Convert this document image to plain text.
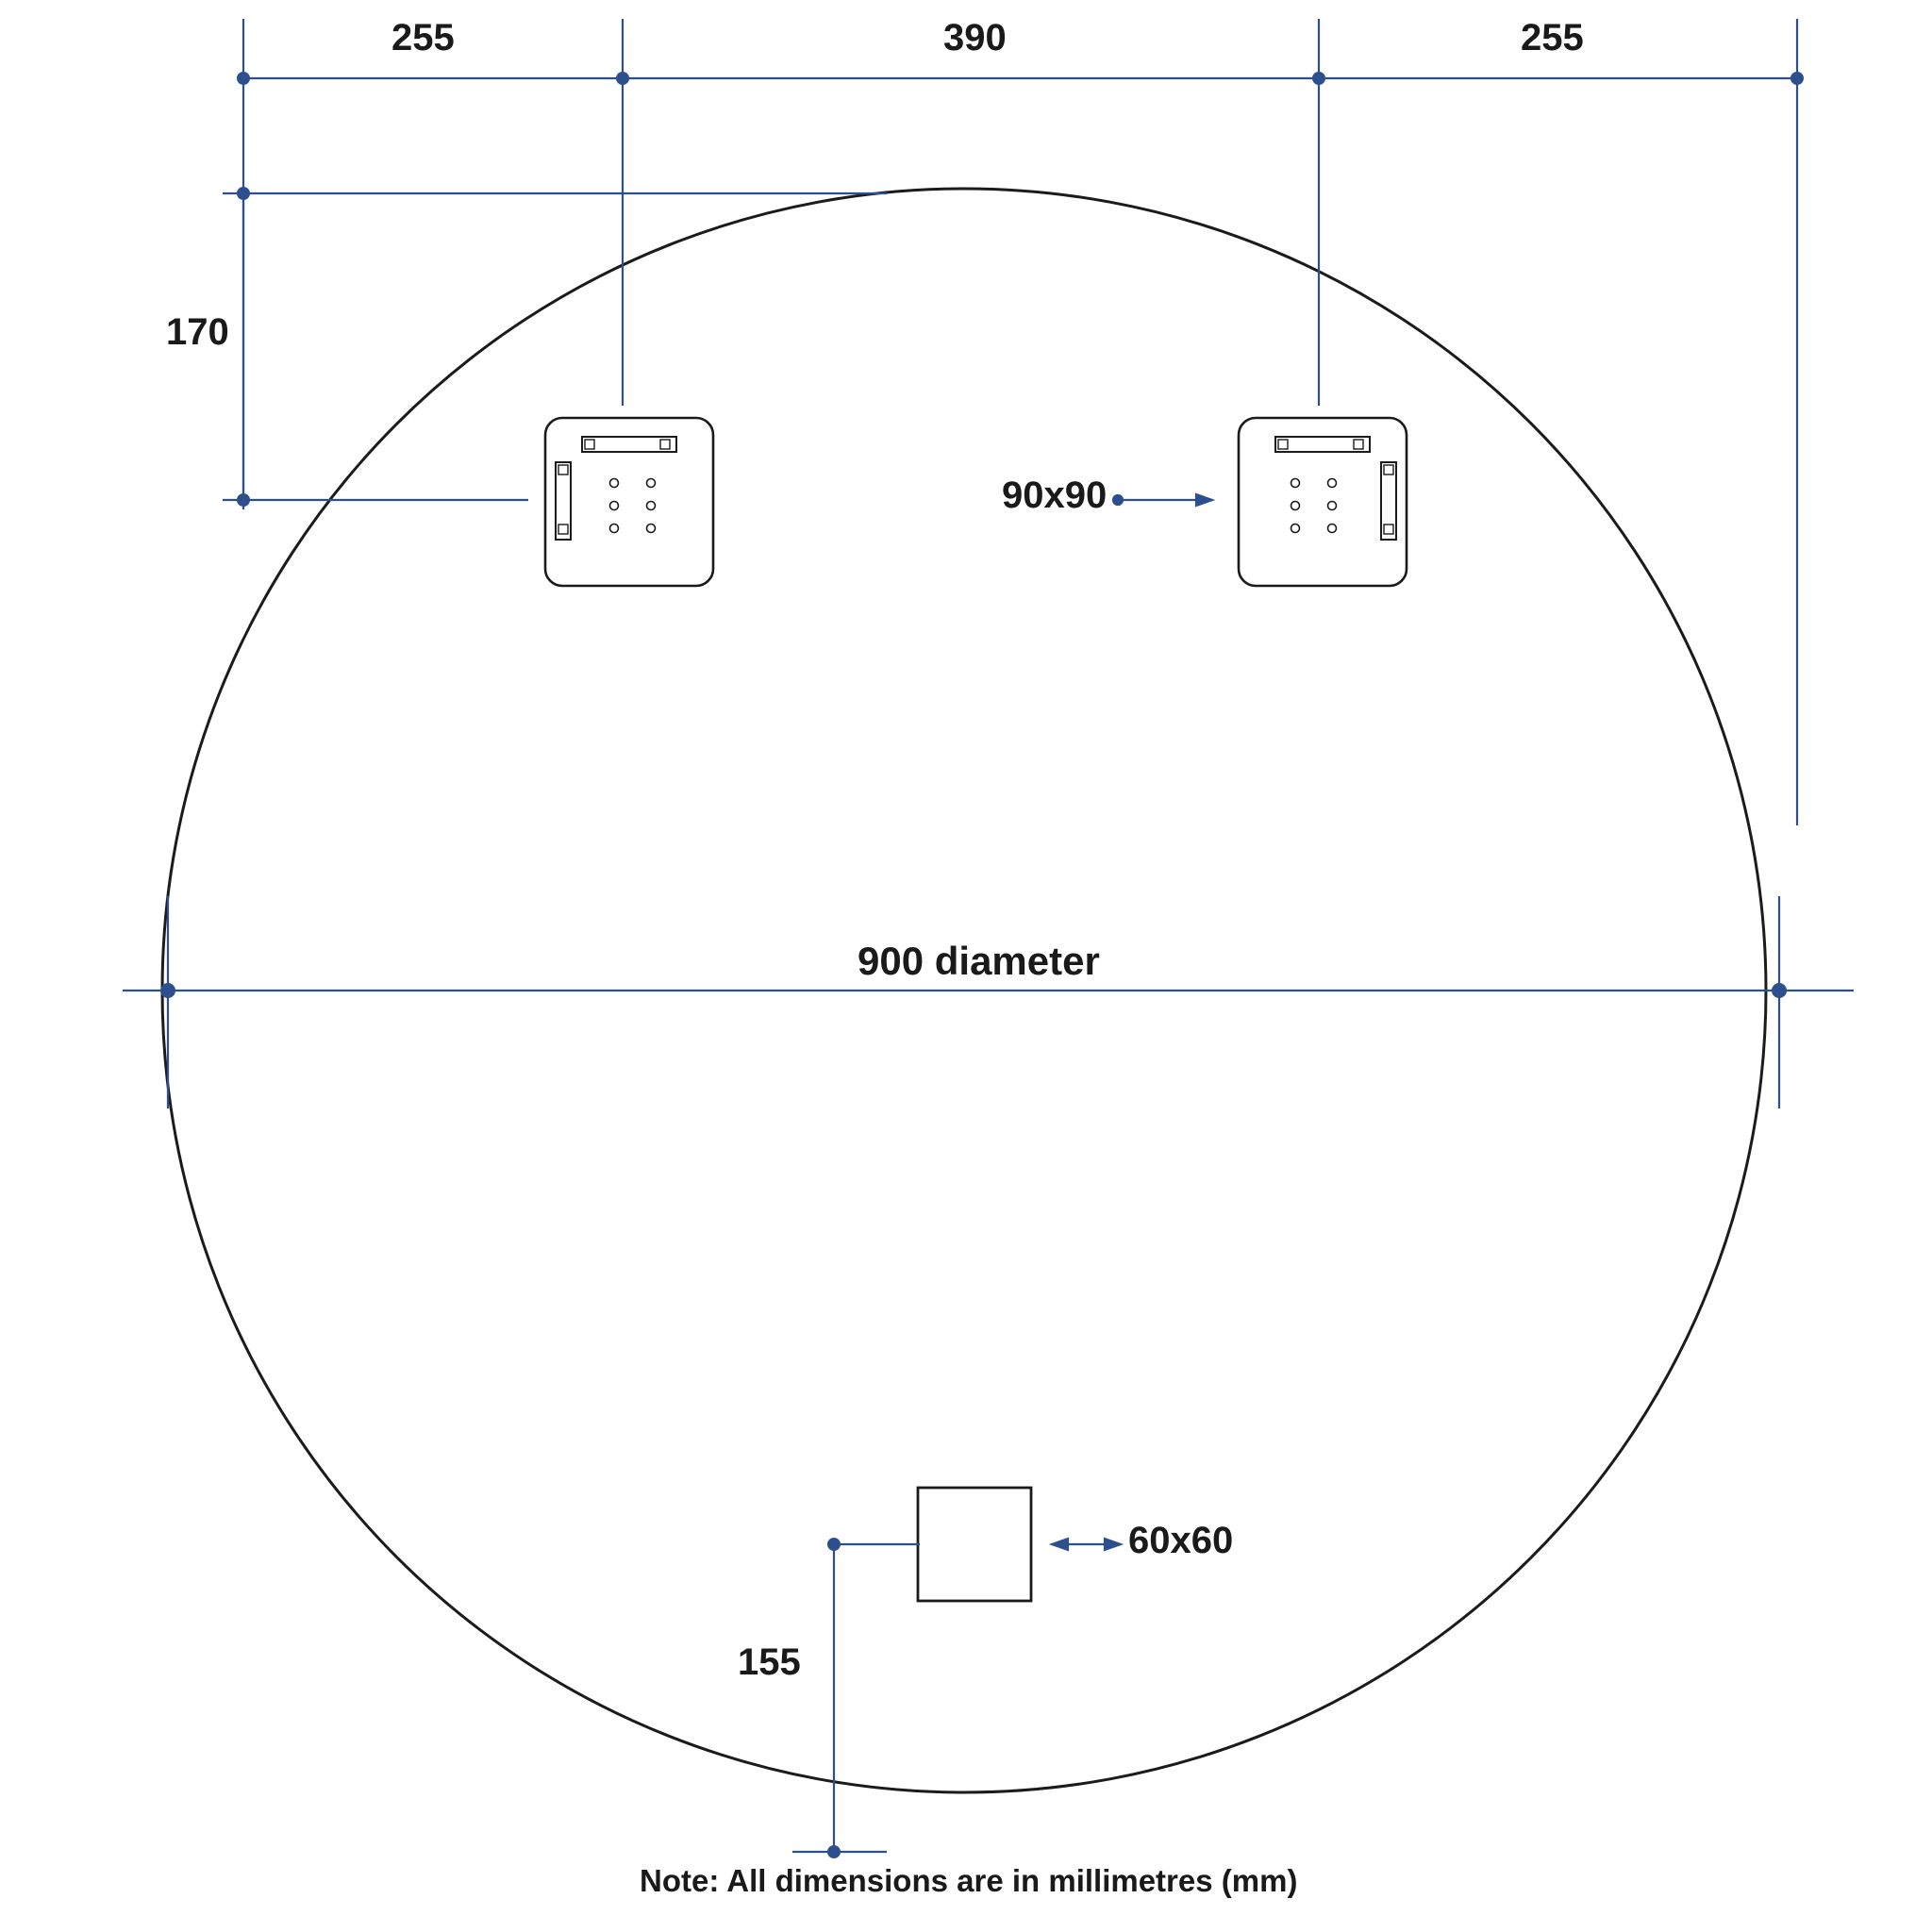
255	390	255
170
90x90
900 diameter
60x60
155
Note: All dimensions are in millimetres (mm)
